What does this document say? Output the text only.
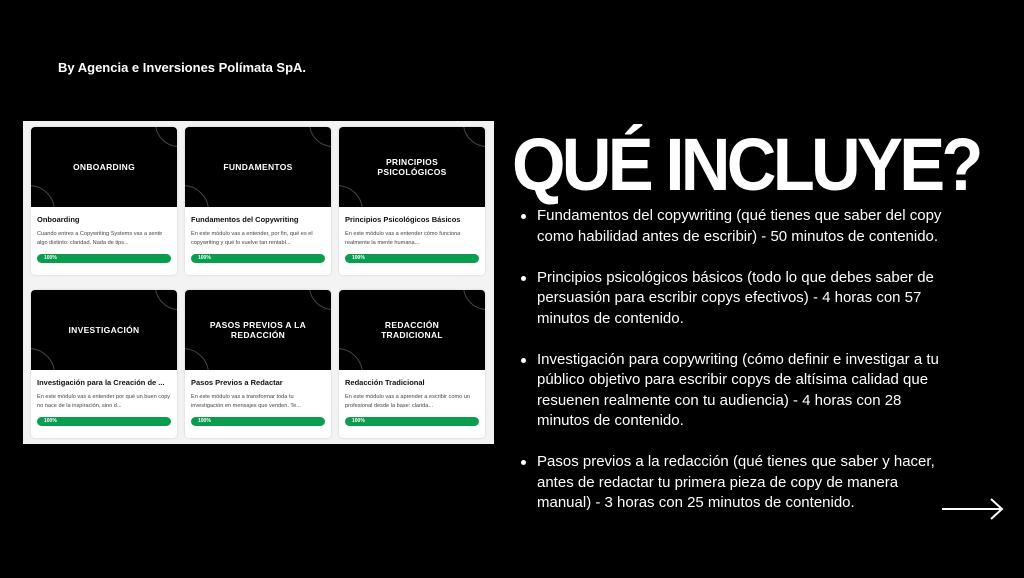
By Agencia e Inversiones Polímata SpA.
ONBOARDING
Onboarding
Cuando entres a Copywriting Systems vas a sentir algo distinto: claridad. Nada de tips...
100%
FUNDAMENTOS
Fundamentos del Copywriting
En este módulo vas a entender, por fin, qué es el copywriting y qué lo vuelve tan rentabl...
100%
PRINCIPIOS PSICOLÓGICOS
Principios Psicológicos Básicos
En este módulo vas a entender cómo funciona realmente la mente humana...
100%
INVESTIGACIÓN
Investigación para la Creación de ...
En este módulo vas a entender por qué un buen copy no nace de la inspiración, sino d...
100%
PASOS PREVIOS A LA REDACCIÓN
Pasos Previos a Redactar
En este módulo vas a transformar toda tu investigación en mensajes que venden. Te...
100%
REDACCIÓN TRADICIONAL
Redacción Tradicional
En este módulo vas a aprender a escribir como un profesional desde la base: clarida...
100%
QUÉ INCLUYE?
Fundamentos del copywriting (qué tienes que saber del copy como habilidad antes de escribir) - 50 minutos de contenido.
Principios psicológicos básicos (todo lo que debes saber de persuasión para escribir copys efectivos) - 4 horas con 57 minutos de contenido.
Investigación para copywriting (cómo definir e investigar a tu público objetivo para escribir copys de altísima calidad que resuenen realmente con tu audiencia) - 4 horas con 28 minutos de contenido.
Pasos previos a la redacción (qué tienes que saber y hacer, antes de redactar tu primera pieza de copy de manera manual) - 3 horas con 25 minutos de contenido.
